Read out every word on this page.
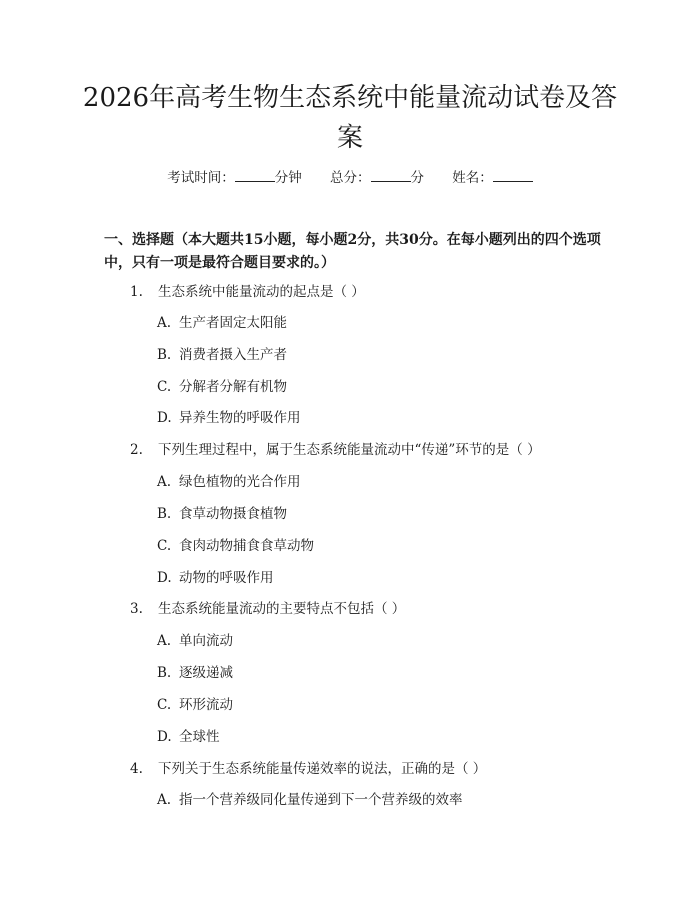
2026年高考生物生态系统中能量流动试卷及答案
考试时间：	分钟 总分：	分 姓名：

一、选择题（本大题共15小题，每小题2分，共30分。在每小题列出的四个选项中，只有一项是最符合题目要求的。）

1. 生态系统中能量流动的起点是（ ）
A. 生产者固定太阳能
B. 消费者摄入生产者
C. 分解者分解有机物
D. 异养生物的呼吸作用
2. 下列生理过程中，属于生态系统能量流动中“传递”环节的是（ ）
A. 绿色植物的光合作用
B. 食草动物摄食植物
C. 食肉动物捕食食草动物
D. 动物的呼吸作用
3. 生态系统能量流动的主要特点不包括（ ）
A. 单向流动
B. 逐级递减
C. 环形流动
D. 全球性
4. 下列关于生态系统能量传递效率的说法，正确的是（ ）
A. 指一个营养级同化量传递到下一个营养级的效率
